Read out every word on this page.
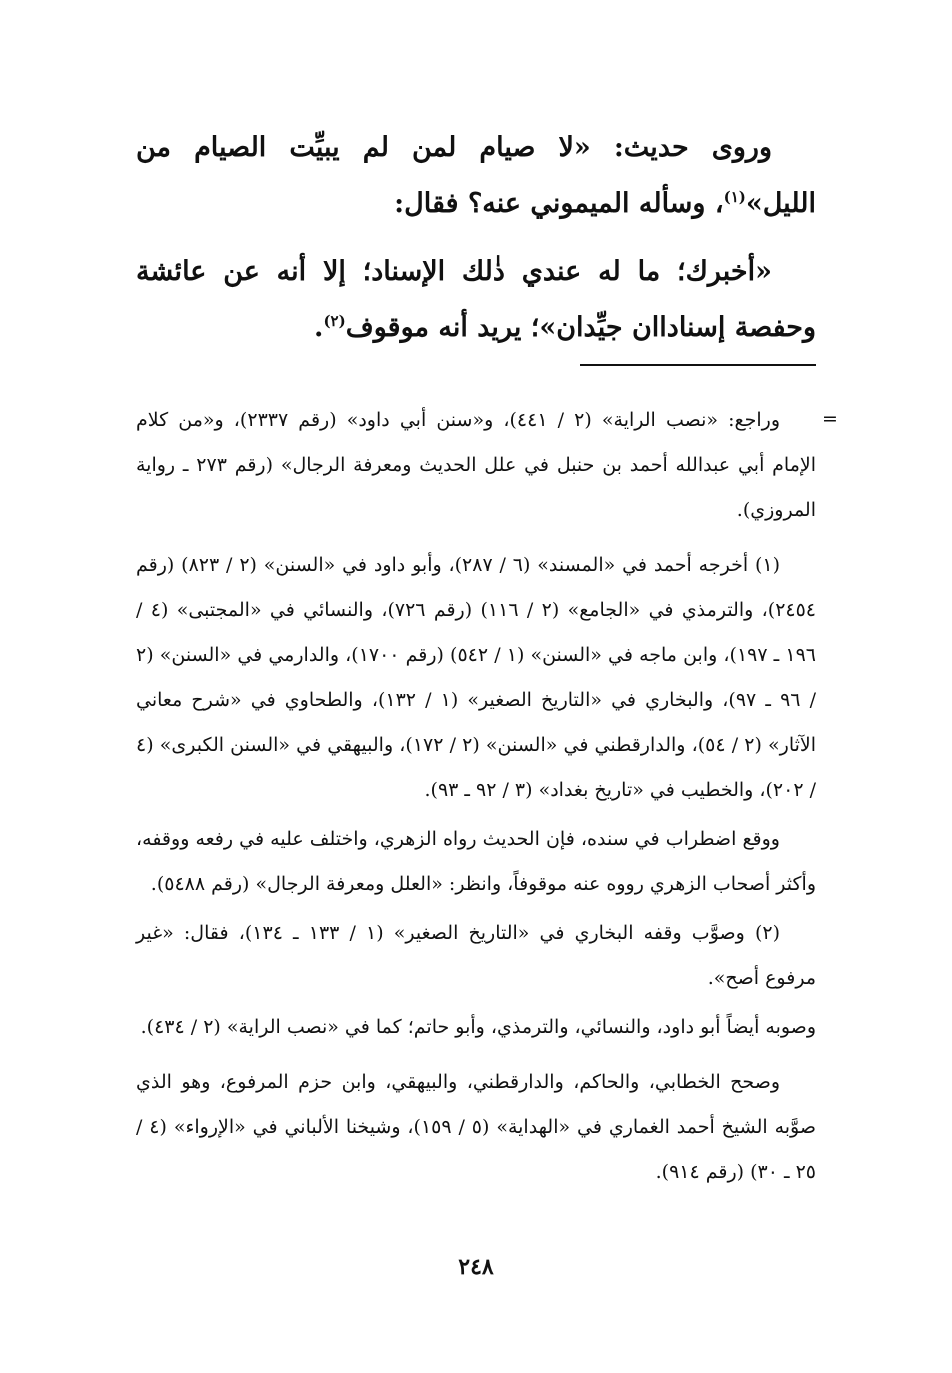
وروى حديث: «لا صيام لمن لم يبيِّت الصيام من الليل»$^{(١)}$، وسأله الميموني عنه؟ فقال:

«أخبرك؛ ما له عندي ذٰلك الإسناد؛ إلا أنه عن عائشة وحفصة إسناداان جيِّدان»؛ يريد أنه موقوف$^{(٢)}$.

=

وراجع: «نصب الراية» (٢ / ٤٤١)، و«سنن أبي داود» (رقم ٢٣٣٧)، و«من كلام الإمام أبي عبدالله أحمد بن حنبل في علل الحديث ومعرفة الرجال» (رقم ٢٧٣ ـ رواية المروزي).

(١) أخرجه أحمد في «المسند» (٦ / ٢٨٧)، وأبو داود في «السنن» (٢ / ٨٢٣) (رقم ٢٤٥٤)، والترمذي في «الجامع» (٢ / ١١٦) (رقم ٧٢٦)، والنسائي في «المجتبى» (٤ / ١٩٦ ـ ١٩٧)، وابن ماجه في «السنن» (١ / ٥٤٢) (رقم ١٧٠٠)، والدارمي في «السنن» (٢ / ٩٦ ـ ٩٧)، والبخاري في «التاريخ الصغير» (١ / ١٣٢)، والطحاوي في «شرح معاني الآثار» (٢ / ٥٤)، والدارقطني في «السنن» (٢ / ١٧٢)، والبيهقي في «السنن الكبرى» (٤ / ٢٠٢)، والخطيب في «تاريخ بغداد» (٣ / ٩٢ ـ ٩٣).

ووقع اضطراب في سنده، فإن الحديث رواه الزهري، واختلف عليه في رفعه ووقفه، وأكثر أصحاب الزهري رووه عنه موقوفاً، وانظر: «العلل ومعرفة الرجال» (رقم ٥٤٨٨).

(٢) وصوَّب وقفه البخاري في «التاريخ الصغير» (١ / ١٣٣ ـ ١٣٤)، فقال: «غير مرفوع أصح».

وصوبه أيضاً أبو داود، والنسائي، والترمذي، وأبو حاتم؛ كما في «نصب الراية» (٢ / ٤٣٤).

وصحح الخطابي، والحاكم، والدارقطني، والبيهقي، وابن حزم المرفوع، وهو الذي صوَّبه الشيخ أحمد الغماري في «الهداية» (٥ / ١٥٩)، وشيخنا الألباني في «الإرواء» (٤ / ٢٥ ـ ٣٠) (رقم ٩١٤).

٢٤٨
